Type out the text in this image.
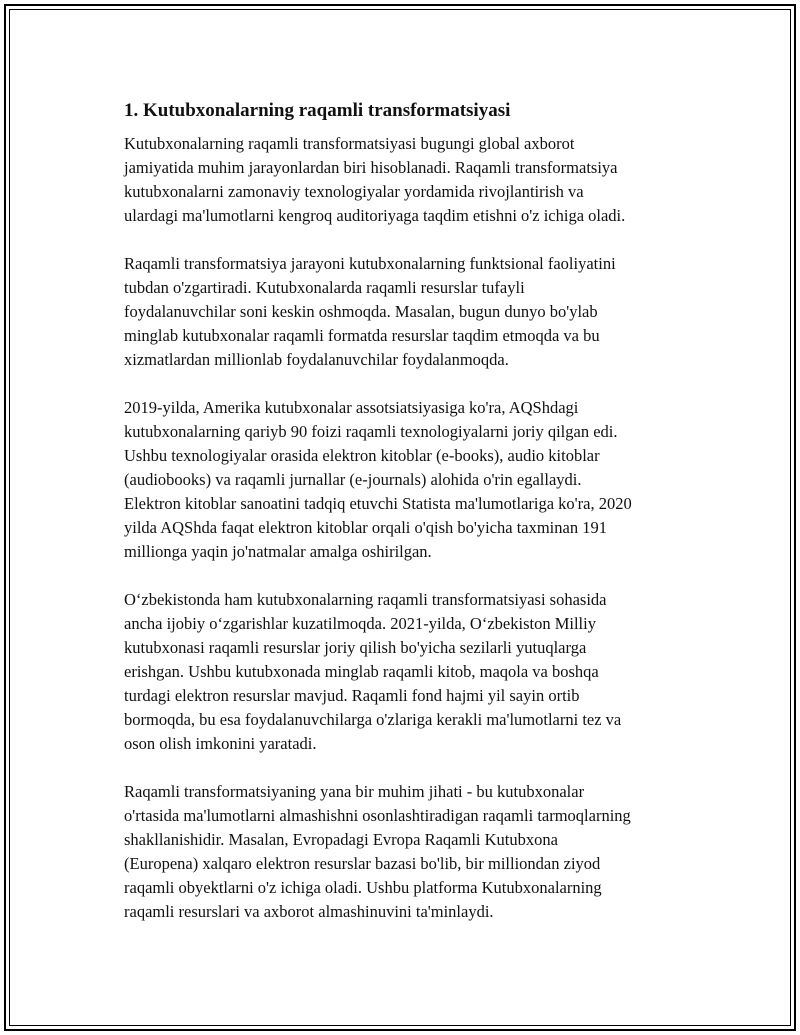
1. Kutubxonalarning raqamli transformatsiyasi

Kutubxonalarning raqamli transformatsiyasi bugungi global axborot
jamiyatida muhim jarayonlardan biri hisoblanadi. Raqamli transformatsiya
kutubxonalarni zamonaviy texnologiyalar yordamida rivojlantirish va
ulardagi ma'lumotlarni kengroq auditoriyaga taqdim etishni o'z ichiga oladi.

Raqamli transformatsiya jarayoni kutubxonalarning funktsional faoliyatini
tubdan o'zgartiradi. Kutubxonalarda raqamli resurslar tufayli
foydalanuvchilar soni keskin oshmoqda. Masalan, bugun dunyo bo'ylab
minglab kutubxonalar raqamli formatda resurslar taqdim etmoqda va bu
xizmatlardan millionlab foydalanuvchilar foydalanmoqda.

2019-yilda, Amerika kutubxonalar assotsiatsiyasiga ko'ra, AQShdagi
kutubxonalarning qariyb 90 foizi raqamli texnologiyalarni joriy qilgan edi.
Ushbu texnologiyalar orasida elektron kitoblar (e-books), audio kitoblar
(audiobooks) va raqamli jurnallar (e-journals) alohida o'rin egallaydi.
Elektron kitoblar sanoatini tadqiq etuvchi Statista ma'lumotlariga ko'ra, 2020
yilda AQShda faqat elektron kitoblar orqali o'qish bo'yicha taxminan 191
millionga yaqin jo'natmalar amalga oshirilgan.

O‘zbekistonda ham kutubxonalarning raqamli transformatsiyasi sohasida
ancha ijobiy o‘zgarishlar kuzatilmoqda. 2021-yilda, O‘zbekiston Milliy
kutubxonasi raqamli resurslar joriy qilish bo'yicha sezilarli yutuqlarga
erishgan. Ushbu kutubxonada minglab raqamli kitob, maqola va boshqa
turdagi elektron resurslar mavjud. Raqamli fond hajmi yil sayin ortib
bormoqda, bu esa foydalanuvchilarga o'zlariga kerakli ma'lumotlarni tez va
oson olish imkonini yaratadi.

Raqamli transformatsiyaning yana bir muhim jihati - bu kutubxonalar
o'rtasida ma'lumotlarni almashishni osonlashtiradigan raqamli tarmoqlarning
shakllanishidir. Masalan, Evropadagi Evropa Raqamli Kutubxona
(Europena) xalqaro elektron resurslar bazasi bo'lib, bir milliondan ziyod
raqamli obyektlarni o'z ichiga oladi. Ushbu platforma Kutubxonalarning
raqamli resurslari va axborot almashinuvini ta'minlaydi.
